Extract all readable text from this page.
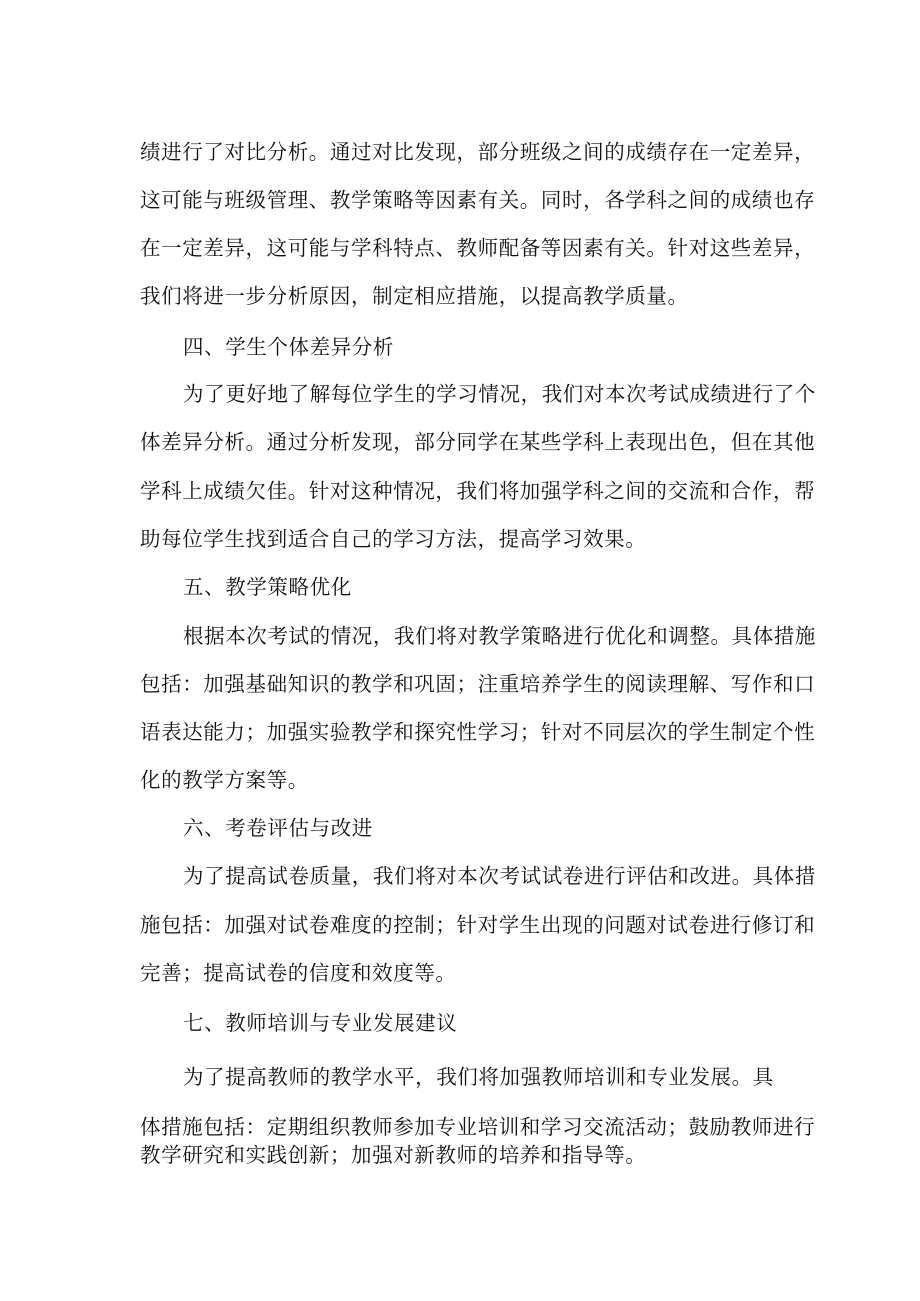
绩进行了对比分析。通过对比发现，部分班级之间的成绩存在一定差异，
这可能与班级管理、教学策略等因素有关。同时，各学科之间的成绩也存
在一定差异，这可能与学科特点、教师配备等因素有关。针对这些差异，
我们将进一步分析原因，制定相应措施，以提高教学质量。
四、学生个体差异分析
为了更好地了解每位学生的学习情况，我们对本次考试成绩进行了个
体差异分析。通过分析发现，部分同学在某些学科上表现出色，但在其他
学科上成绩欠佳。针对这种情况，我们将加强学科之间的交流和合作，帮
助每位学生找到适合自己的学习方法，提高学习效果。
五、教学策略优化
根据本次考试的情况，我们将对教学策略进行优化和调整。具体措施
包括：加强基础知识的教学和巩固；注重培养学生的阅读理解、写作和口
语表达能力；加强实验教学和探究性学习；针对不同层次的学生制定个性
化的教学方案等。
六、考卷评估与改进
为了提高试卷质量，我们将对本次考试试卷进行评估和改进。具体措
施包括：加强对试卷难度的控制；针对学生出现的问题对试卷进行修订和
完善；提高试卷的信度和效度等。
七、教师培训与专业发展建议
为了提高教师的教学水平，我们将加强教师培训和专业发展。具
体措施包括：定期组织教师参加专业培训和学习交流活动；鼓励教师进行
教学研究和实践创新；加强对新教师的培养和指导等。
